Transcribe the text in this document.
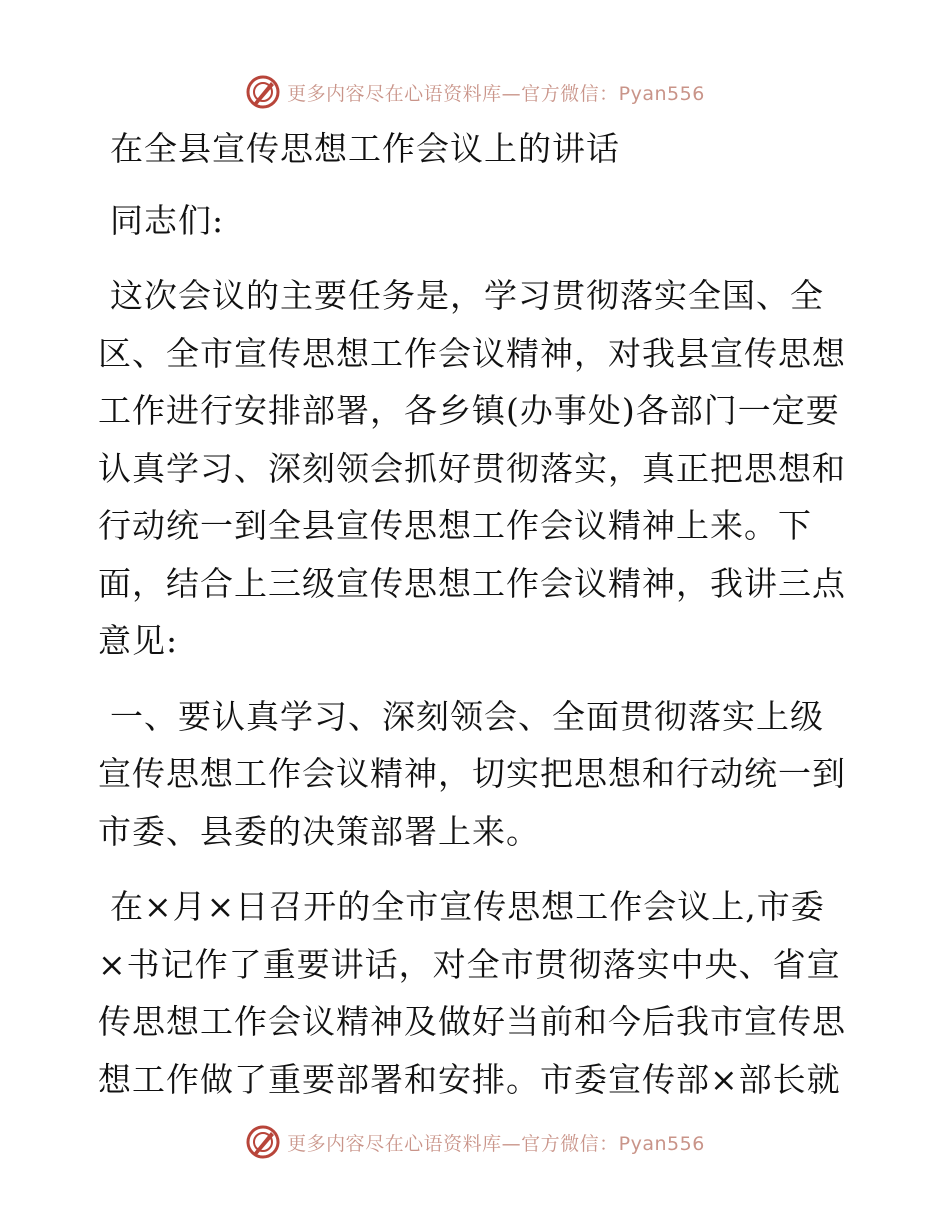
更多内容尽在心语资料库—官方微信：Pyan556

在全县宣传思想工作会议上的讲话

同志们:

这次会议的主要任务是，学习贯彻落实全国、全区、全市宣传思想工作会议精神，对我县宣传思想工作进行安排部署，各乡镇(办事处)各部门一定要认真学习、深刻领会抓好贯彻落实，真正把思想和行动统一到全县宣传思想工作会议精神上来。下面，结合上三级宣传思想工作会议精神，我讲三点意见:

一、要认真学习、深刻领会、全面贯彻落实上级宣传思想工作会议精神，切实把思想和行动统一到市委、县委的决策部署上来。

在×月×日召开的全市宣传思想工作会议上,市委×书记作了重要讲话，对全市贯彻落实中央、省宣传思想工作会议精神及做好当前和今后我市宣传思想工作做了重要部署和安排。市委宣传部×部长就

更多内容尽在心语资料库—官方微信：Pyan556
